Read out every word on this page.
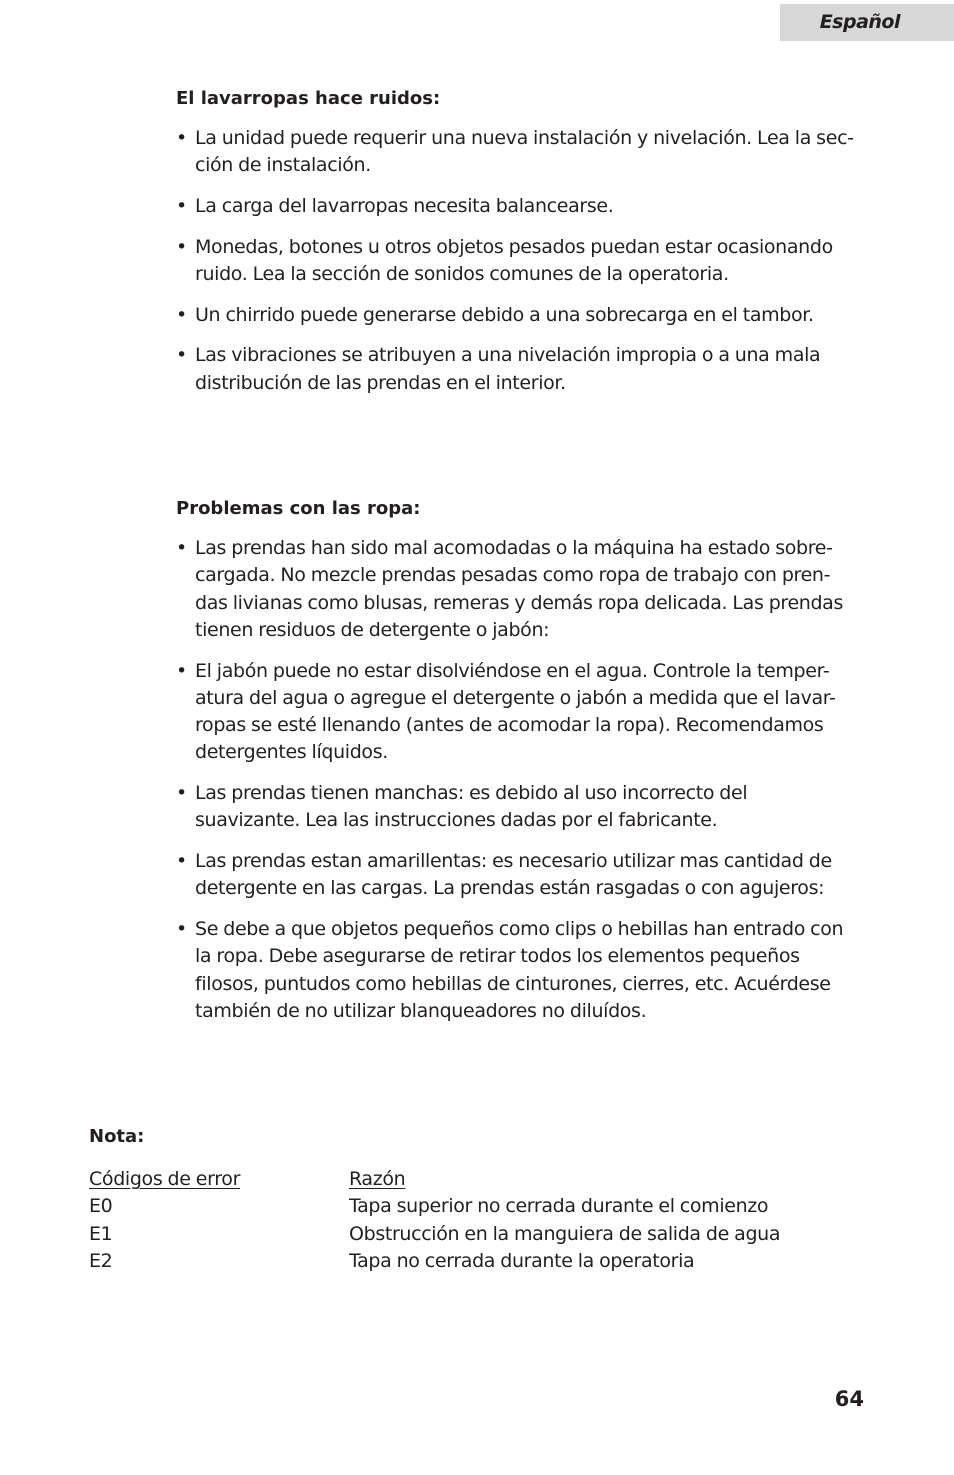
Español
El lavarropas hace ruidos:
• La unidad puede requerir una nueva instalación y nivelación. Lea la sec-
ción de instalación.
• La carga del lavarropas necesita balancearse.
• Monedas, botones u otros objetos pesados puedan estar ocasionando
ruido. Lea la sección de sonidos comunes de la operatoria.
• Un chirrido puede generarse debido a una sobrecarga en el tambor.
• Las vibraciones se atribuyen a una nivelación impropia o a una mala
distribución de las prendas en el interior.
Problemas con las ropa:
• Las prendas han sido mal acomodadas o la máquina ha estado sobre-
cargada. No mezcle prendas pesadas como ropa de trabajo con pren-
das livianas como blusas, remeras y demás ropa delicada. Las prendas
tienen residuos de detergente o jabón:
• El jabón puede no estar disolviéndose en el agua. Controle la temper-
atura del agua o agregue el detergente o jabón a medida que el lavar-
ropas se esté llenando (antes de acomodar la ropa). Recomendamos
detergentes líquidos.
• Las prendas tienen manchas: es debido al uso incorrecto del
suavizante. Lea las instrucciones dadas por el fabricante.
• Las prendas estan amarillentas: es necesario utilizar mas cantidad de
detergente en las cargas. La prendas están rasgadas o con agujeros:
• Se debe a que objetos pequeños como clips o hebillas han entrado con
la ropa. Debe asegurarse de retirar todos los elementos pequeños
filosos, puntudos como hebillas de cinturones, cierres, etc. Acuérdese
también de no utilizar blanqueadores no diluídos.
Nota:
Códigos de error	Razón
E0	Tapa superior no cerrada durante el comienzo
E1	Obstrucción en la manguiera de salida de agua
E2	Tapa no cerrada durante la operatoria
64
